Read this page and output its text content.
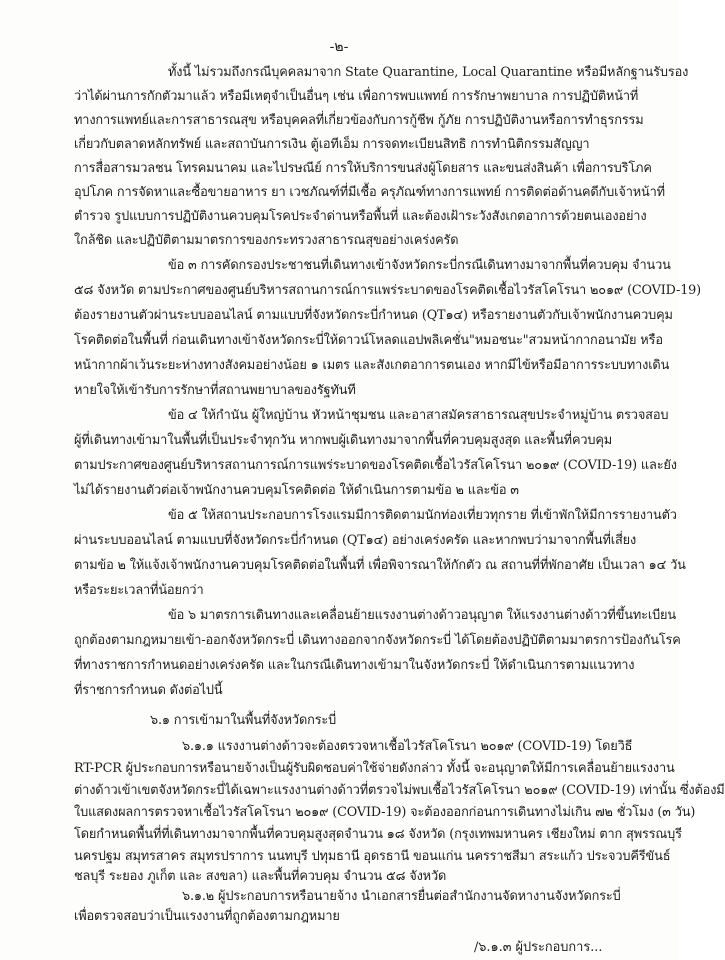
-๒-
ทั้งนี้ ไม่รวมถึงกรณีบุคคลมาจาก State Quarantine, Local Quarantine หรือมีหลักฐานรับรอง
ว่าได้ผ่านการกักตัวมาแล้ว หรือมีเหตุจำเป็นอื่นๆ เช่น เพื่อการพบแพทย์ การรักษาพยาบาล การปฏิบัติหน้าที่
ทางการแพทย์และการสาธารณสุข หรือบุคคลที่เกี่ยวข้องกับการกู้ชีพ กู้ภัย การปฏิบัติงานหรือการทำธุรกรรม
เกี่ยวกับตลาดหลักทรัพย์ และสถาบันการเงิน ตู้เอทีเอ็ม การจดทะเบียนสิทธิ การทำนิติกรรมสัญญา
การสื่อสารมวลชน โทรคมนาคม และไปรษณีย์ การให้บริการขนส่งผู้โดยสาร และขนส่งสินค้า เพื่อการบริโภค
อุปโภค การจัดหาและซื้อขายอาหาร ยา เวชภัณฑ์ที่มีเชื้อ ครุภัณฑ์ทางการแพทย์ การติดต่อด้านคดีกับเจ้าหน้าที่
ตำรวจ รูปแบบการปฏิบัติงานควบคุมโรคประจำด่านหรือพื้นที่ และต้องเฝ้าระวังสังเกตอาการด้วยตนเองอย่าง
ใกล้ชิด และปฏิบัติตามมาตรการของกระทรวงสาธารณสุขอย่างเคร่งครัด
ข้อ ๓ การคัดกรองประชาชนที่เดินทางเข้าจังหวัดกระบี่กรณีเดินทางมาจากพื้นที่ควบคุม จำนวน
๕๘ จังหวัด ตามประกาศของศูนย์บริหารสถานการณ์การแพร่ระบาดของโรคติดเชื้อไวรัสโคโรนา ๒๐๑๙ (COVID-19)
ต้องรายงานตัวผ่านระบบออนไลน์ ตามแบบที่จังหวัดกระบี่กำหนด (QT๑๔) หรือรายงานตัวกับเจ้าพนักงานควบคุม
โรคติดต่อในพื้นที่ ก่อนเดินทางเข้าจังหวัดกระบี่ให้ดาวน์โหลดแอปพลิเคชั่น"หมอชนะ"สวมหน้ากากอนามัย หรือ
หน้ากากผ้าเว้นระยะห่างทางสังคมอย่างน้อย ๑ เมตร และสังเกตอาการตนเอง หากมีไข้หรือมีอาการระบบทางเดิน
หายใจให้เข้ารับการรักษาที่สถานพยาบาลของรัฐทันที
ข้อ ๔ ให้กำนัน ผู้ใหญ่บ้าน หัวหน้าชุมชน และอาสาสมัครสาธารณสุขประจำหมู่บ้าน ตรวจสอบ
ผู้ที่เดินทางเข้ามาในพื้นที่เป็นประจำทุกวัน หากพบผู้เดินทางมาจากพื้นที่ควบคุมสูงสุด และพื้นที่ควบคุม
ตามประกาศของศูนย์บริหารสถานการณ์การแพร่ระบาดของโรคติดเชื้อไวรัสโคโรนา ๒๐๑๙ (COVID-19) และยัง
ไม่ได้รายงานตัวต่อเจ้าพนักงานควบคุมโรคติดต่อ ให้ดำเนินการตามข้อ ๒ และข้อ ๓
ข้อ ๕ ให้สถานประกอบการโรงแรมมีการติดตามนักท่องเที่ยวทุกราย ที่เข้าพักให้มีการรายงานตัว
ผ่านระบบออนไลน์ ตามแบบที่จังหวัดกระบี่กำหนด (QT๑๔) อย่างเคร่งครัด และหากพบว่ามาจากพื้นที่เสี่ยง
ตามข้อ ๒ ให้แจ้งเจ้าพนักงานควบคุมโรคติดต่อในพื้นที่ เพื่อพิจารณาให้กักตัว ณ สถานที่ที่พักอาศัย เป็นเวลา ๑๔ วัน
หรือระยะเวลาที่น้อยกว่า
ข้อ ๖ มาตรการเดินทางและเคลื่อนย้ายแรงงานต่างด้าวอนุญาต ให้แรงงานต่างด้าวที่ขึ้นทะเบียน
ถูกต้องตามกฎหมายเข้า-ออกจังหวัดกระบี่ เดินทางออกจากจังหวัดกระบี่ ได้โดยต้องปฏิบัติตามมาตรการป้องกันโรค
ที่ทางราชการกำหนดอย่างเคร่งครัด และในกรณีเดินทางเข้ามาในจังหวัดกระบี่ ให้ดำเนินการตามแนวทาง
ที่ราชการกำหนด ดังต่อไปนี้
๖.๑ การเข้ามาในพื้นที่จังหวัดกระบี่
๖.๑.๑ แรงงานต่างด้าวจะต้องตรวจหาเชื้อไวรัสโคโรนา ๒๐๑๙ (COVID-19) โดยวิธี
RT-PCR ผู้ประกอบการหรือนายจ้างเป็นผู้รับผิดชอบค่าใช้จ่ายดังกล่าว ทั้งนี้ จะอนุญาตให้มีการเคลื่อนย้ายแรงงาน
ต่างด้าวเข้าเขตจังหวัดกระบี่ได้เฉพาะแรงงานต่างด้าวที่ตรวจไม่พบเชื้อไวรัสโคโรนา ๒๐๑๙ (COVID-19) เท่านั้น ซึ่งต้องมี
ใบแสดงผลการตรวจหาเชื้อไวรัสโคโรนา ๒๐๑๙ (COVID-19) จะต้องออกก่อนการเดินทางไม่เกิน ๗๒ ชั่วโมง (๓ วัน)
โดยกำหนดพื้นที่ที่เดินทางมาจากพื้นที่ควบคุมสูงสุดจำนวน ๑๘ จังหวัด (กรุงเทพมหานคร เชียงใหม่ ตาก สุพรรณบุรี
นครปฐม สมุทรสาคร สมุทรปราการ นนทบุรี ปทุมธานี อุดรธานี ขอนแก่น นครราชสีมา สระแก้ว ประจวบคีรีขันธ์
ชลบุรี ระยอง ภูเก็ต และ สงขลา) และพื้นที่ควบคุม จำนวน ๕๘ จังหวัด
/๖.๑.๓ ผู้ประกอบการ...
๖.๑.๒ ผู้ประกอบการหรือนายจ้าง นำเอกสารยื่นต่อสำนักงานจัดหางานจังหวัดกระบี่
เพื่อตรวจสอบว่าเป็นแรงงานที่ถูกต้องตามกฎหมาย
